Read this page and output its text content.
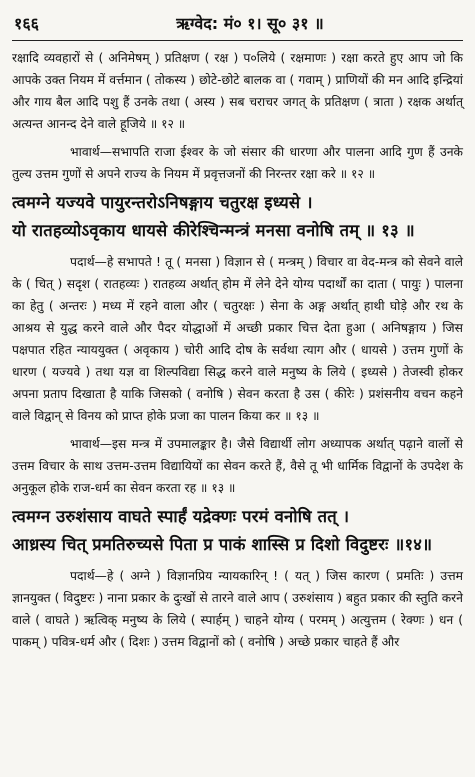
१६६	ऋग्वेद: मं० १। सू० ३१ ॥

रक्षादि व्यवहारों से ( अनिमेषम् ) प्रतिक्षण ( रक्ष ) प०लिये ( रक्षमाणः ) रक्षा करते हुए आप जो कि आपके उक्त नियम में वर्त्तमान ( तोकस्य ) छोटे-छोटे बालक वा ( गवाम् ) प्राणियों की मन आदि इन्द्रियां और गाय बैल आदि पशु हैं उनके तथा ( अस्य ) सब चराचर जगत् के प्रतिक्षण ( त्राता ) रक्षक अर्थात् अत्यन्त आनन्द देने वाले हूजिये ॥ १२ ॥

भावार्थ—सभापति राजा ईश्वर के जो संसार की धारणा और पालना आदि गुण हैं उनके तुल्य उत्तम गुणों से अपने राज्य के नियम में प्रवृत्तजनों की निरन्तर रक्षा करे ॥ १२ ॥

त्वमग्ने यज्यवे पायुरन्तरोऽनिषङ्गाय चतुरक्ष इध्यसे ।

यो रातहव्योऽवृकाय धायसे कीरेश्चिन्मन्त्रं मनसा वनोषि तम् ॥ १३ ॥

पदार्थ—हे सभापते ! तू ( मनसा ) विज्ञान से ( मन्त्रम् ) विचार वा वेद-मन्त्र को सेवने वाले के ( चित् ) सदृश ( रातहव्यः ) रातहव्य अर्थात् होम में लेने देने योग्य पदार्थों का दाता ( पायुः ) पालना का हेतु ( अन्तरः ) मध्य में रहने वाला और ( चतुरक्षः ) सेना के अङ्ग अर्थात् हाथी घोड़े और रथ के आश्रय से युद्ध करने वाले और पैदर योद्धाओं में अच्छी प्रकार चित्त देता हुआ ( अनिषङ्गाय ) जिस पक्षपात रहित न्याययुक्त ( अवृकाय ) चोरी आदि दोष के सर्वथा त्याग और ( धायसे ) उत्तम गुणों के धारण ( यज्यवे ) तथा यज्ञ वा शिल्पविद्या सिद्ध करने वाले मनुष्य के लिये ( इध्यसे ) तेजस्वी होकर अपना प्रताप दिखाता है याकि जिसको ( वनोषि ) सेवन करता है उस ( कीरेः ) प्रशंसनीय वचन कहने वाले विद्वान् से विनय को प्राप्त होके प्रजा का पालन किया कर ॥ १३ ॥

भावार्थ—इस मन्त्र में उपमालङ्कार है। जैसे विद्यार्थी लोग अध्यापक अर्थात् पढ़ाने वालों से उत्तम विचार के साथ उत्तम-उत्तम विद्यायियों का सेवन करते हैं, वैसे तू भी धार्मिक विद्वानों के उपदेश के अनुकूल होके राज-धर्म का सेवन करता रह ॥ १३ ॥

त्वमग्न उरुशंसाय वाघते स्पार्हं यद्रेक्णः परमं वनोषि तत् ।

आध्रस्य चित् प्रमतिरुच्यसे पिता प्र पाकं शास्सि प्र दिशो विदुष्टरः ॥१४॥

पदार्थ—हे ( अग्ने ) विज्ञानप्रिय न्यायकारिन् ! ( यत् ) जिस कारण ( प्रमतिः ) उत्तम ज्ञानयुक्त ( विदुष्टरः ) नाना प्रकार के दुःखों से तारने वाले आप ( उरुशंसाय ) बहुत प्रकार की स्तुति करने वाले ( वाघते ) ऋत्विक् मनुष्य के लिये ( स्पार्हम् ) चाहने योग्य ( परमम् ) अत्युत्तम ( रेक्णः ) धन ( पाकम् ) पवित्र-धर्म और ( दिशः ) उत्तम विद्वानों को ( वनोषि ) अच्छे प्रकार चाहते हैं और
